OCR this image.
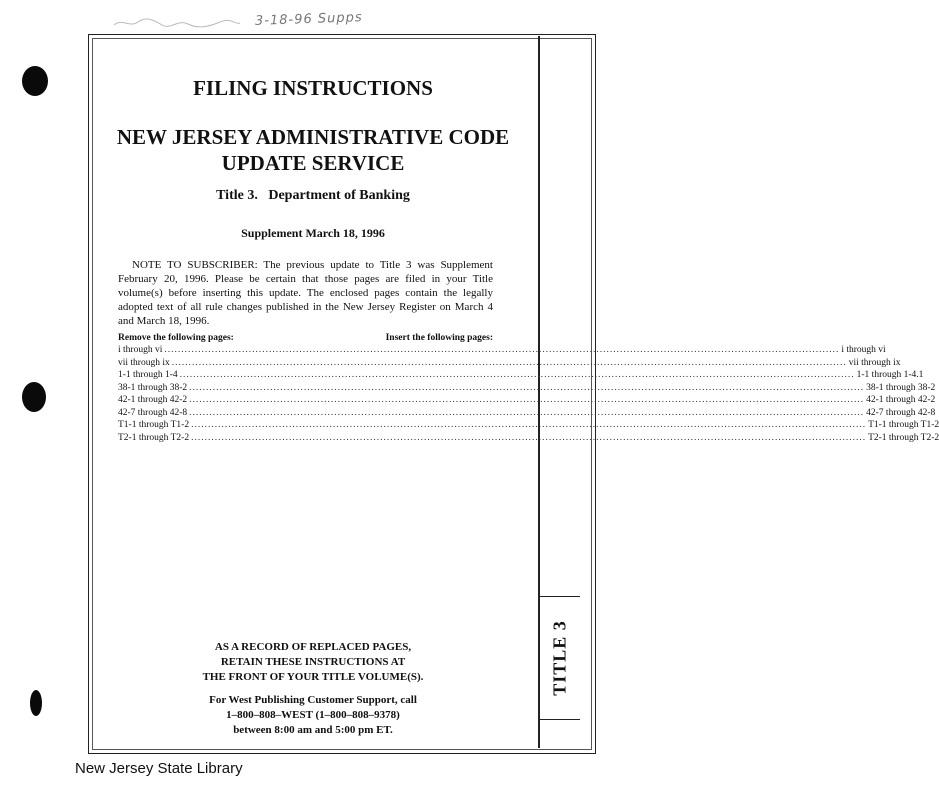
3-18-96 Supps
TITLE 3
FILING INSTRUCTIONS
NEW JERSEY ADMINISTRATIVE CODE
UPDATE SERVICE
Title 3.   Department of Banking
Supplement March 18, 1996

NOTE TO SUBSCRIBER: The previous update to Title 3 was Supplement February 20, 1996. Please be certain that those pages are filed in your Title volume(s) before inserting this update. The enclosed pages contain the legally adopted text of all rule changes published in the New Jersey Register on March 4 and March 18, 1996.

Remove the following pages:	Insert the following pages:
i through vi ........................................................................................................................................................................................................ i through vi
vii through ix ........................................................................................................................................................................................................ vii through ix
1-1 through 1-4 ........................................................................................................................................................................................................ 1-1 through 1-4.1
38-1 through 38-2 ........................................................................................................................................................................................................ 38-1 through 38-2
42-1 through 42-2 ........................................................................................................................................................................................................ 42-1 through 42-2
42-7 through 42-8 ........................................................................................................................................................................................................ 42-7 through 42-8
T1-1 through T1-2 ........................................................................................................................................................................................................ T1-1 through T1-2
T2-1 through T2-2 ........................................................................................................................................................................................................ T2-1 through T2-2

AS A RECORD OF REPLACED PAGES,
RETAIN THESE INSTRUCTIONS AT
THE FRONT OF YOUR TITLE VOLUME(S).

For West Publishing Customer Support, call
1–800–808–WEST (1–800–808–9378)
between 8:00 am and 5:00 pm ET.

New Jersey State Library
